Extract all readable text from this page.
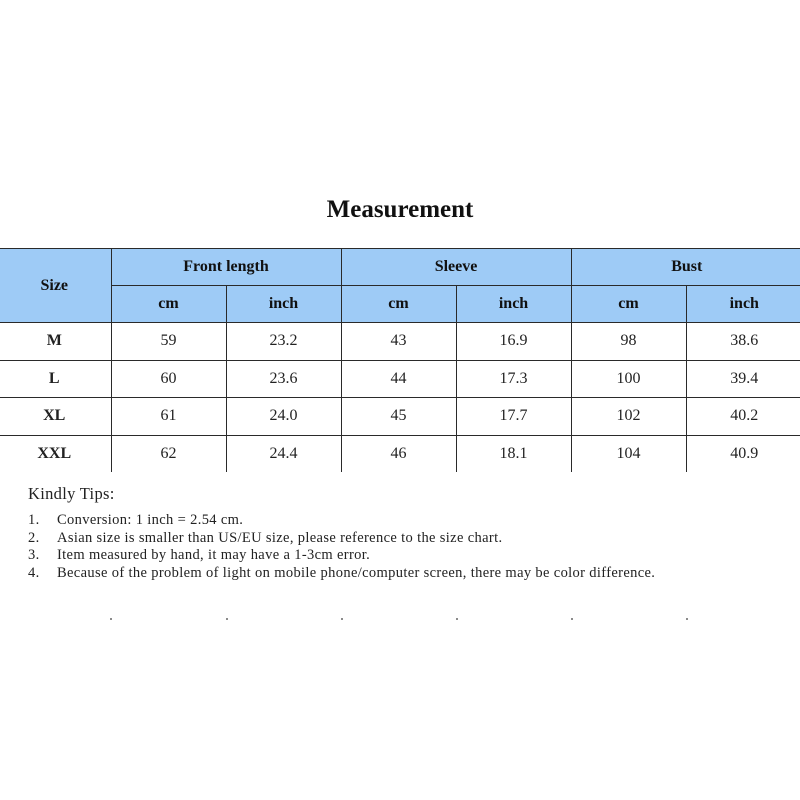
Measurement
Size	Front length		Sleeve		Bust	
	cm	inch	cm	inch	cm	inch
M	59	23.2	43	16.9	98	38.6
L	60	23.6	44	17.3	100	39.4
XL	61	24.0	45	17.7	102	40.2
XXL	62	24.4	46	18.1	104	40.9
Kindly Tips:
1.	Conversion: 1 inch = 2.54 cm.
2.	Asian size is smaller than US/EU size, please reference to the size chart.
3.	Item measured by hand, it may have a 1-3cm error.
4.	Because of the problem of light on mobile phone/computer screen, there may be color difference.
